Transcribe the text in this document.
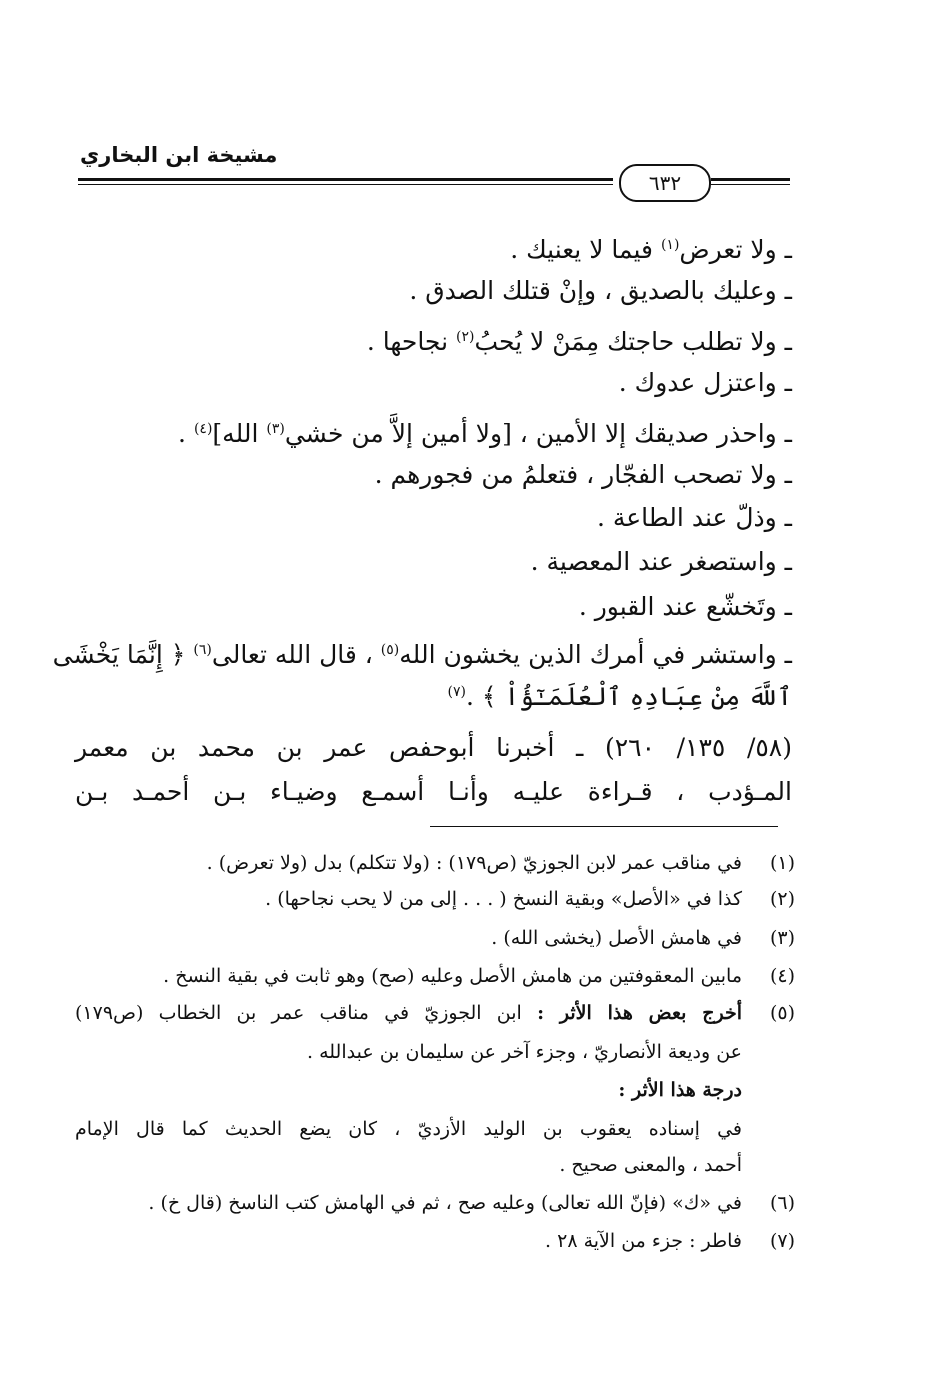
مشيخة ابن البخاري
٦٣٢
ـ ولا تعرض$^{(١)}$ فيما لا يعنيك .
ـ وعليك بالصديق ، وإنْ قتلك الصدق .
ـ ولا تطلب حاجتك مِمَنْ لا يُحبُ$^{(٢)}$ نجاحها .
ـ واعتزل عدوك .
ـ واحذر صديقك إلا الأمين ، [ولا أمين إلاَّ من خشي$^{(٣)}$ الله]$^{(٤)}$ .
ـ ولا تصحب الفجّار ، فتعلمُ من فجورهم .
ـ وذلّ عند الطاعة .
ـ واستصغر عند المعصية .
ـ وتَخشّع عند القبور .
ـ واستشر في أمرك الذين يخشون الله$^{(٥)}$ ، قال الله تعالى$^{(٦)}$ ﴿ إِنَّمَا يَخْشَى
ٱللَّهَ مِنْ عِبَادِهِ ٱلْعُلَمَـٰٓؤُاْ ﴾ .$^{(٧)}$
(٥٨/ ١٣٥/ ٢٦٠) ـ أخبرنا أبوحفص عمر بن محمد بن معمر
المـؤدب ، قـراءة عليـه وأنـا أسمـع وضيـاء بـن أحمـد بـن
(١)
في مناقب عمر لابن الجوزيّ (ص١٧٩) : (ولا تتكلم) بدل (ولا تعرض) .
(٢)
كذا في «الأصل» وبقية النسخ ( . . . إلى من لا يحب نجاحها) .
(٣)
في هامش الأصل (يخشى الله) .
(٤)
مابين المعقوفتين من هامش الأصل وعليه (صح) وهو ثابت في بقية النسخ .
(٥)
أخرج بعض هذا الأثر : ابن الجوزيّ في مناقب عمر بن الخطاب (ص١٧٩)
عن وديعة الأنصاريّ ، وجزء آخر عن سليمان بن عبدالله .
درجة هذا الأثر :
في إسناده يعقوب بن الوليد الأزديّ ، كان يضع الحديث كما قال الإمام
أحمد ، والمعنى صحيح .
(٦)
في «ك» (فإنّ الله تعالى) وعليه صح ، ثم في الهامش كتب الناسخ (قال خ) .
(٧)
فاطر : جزء من الآية ٢٨ .
